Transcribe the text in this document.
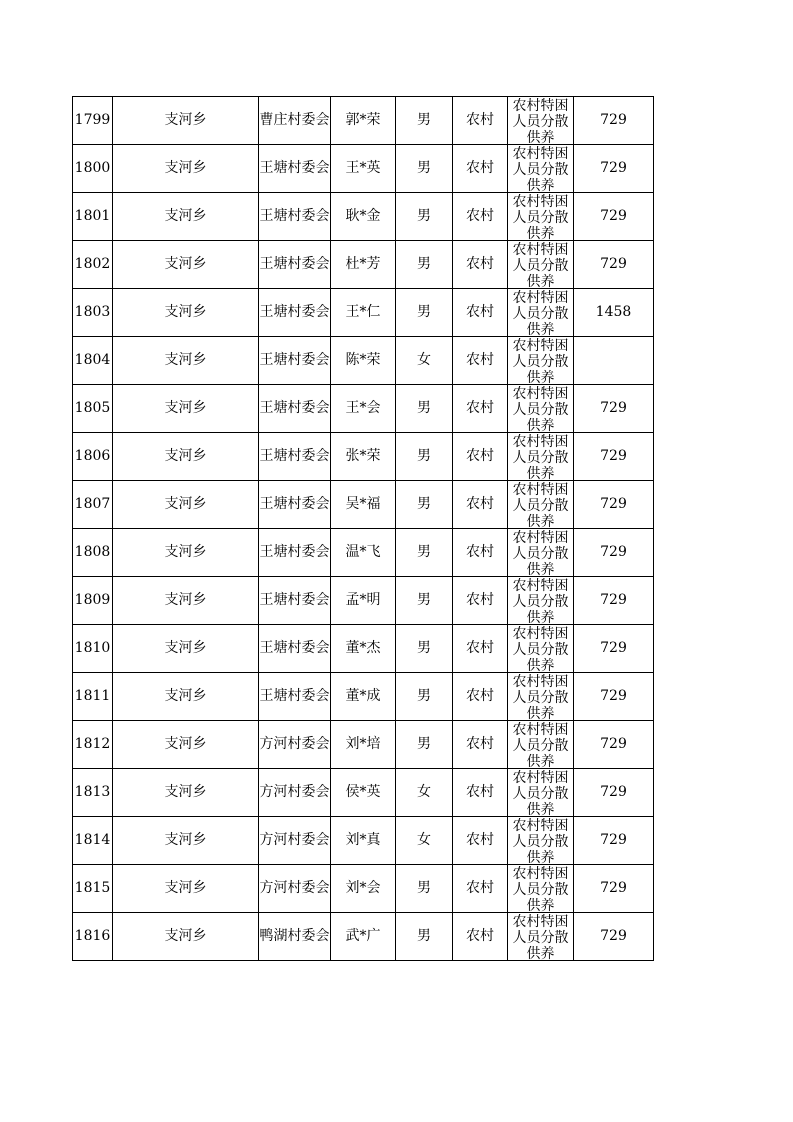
1799	支河乡	曹庄村委会	郭*荣	男	农村	农村特困人员分散供养	729
1800	支河乡	王塘村委会	王*英	男	农村	农村特困人员分散供养	729
1801	支河乡	王塘村委会	耿*金	男	农村	农村特困人员分散供养	729
1802	支河乡	王塘村委会	杜*芳	男	农村	农村特困人员分散供养	729
1803	支河乡	王塘村委会	王*仁	男	农村	农村特困人员分散供养	1458
1804	支河乡	王塘村委会	陈*荣	女	农村	农村特困人员分散供养	

1805	支河乡	王塘村委会	王*会	男	农村	农村特困人员分散供养	729
1806	支河乡	王塘村委会	张*荣	男	农村	农村特困人员分散供养	729
1807	支河乡	王塘村委会	吴*福	男	农村	农村特困人员分散供养	729
1808	支河乡	王塘村委会	温*飞	男	农村	农村特困人员分散供养	729
1809	支河乡	王塘村委会	孟*明	男	农村	农村特困人员分散供养	729
1810	支河乡	王塘村委会	董*杰	男	农村	农村特困人员分散供养	729
1811	支河乡	王塘村委会	董*成	男	农村	农村特困人员分散供养	729
1812	支河乡	方河村委会	刘*培	男	农村	农村特困人员分散供养	729
1813	支河乡	方河村委会	侯*英	女	农村	农村特困人员分散供养	729
1814	支河乡	方河村委会	刘*真	女	农村	农村特困人员分散供养	729
1815	支河乡	方河村委会	刘*会	男	农村	农村特困人员分散供养	729
1816	支河乡	鸭湖村委会	武*广	男	农村	农村特困人员分散供养	729
